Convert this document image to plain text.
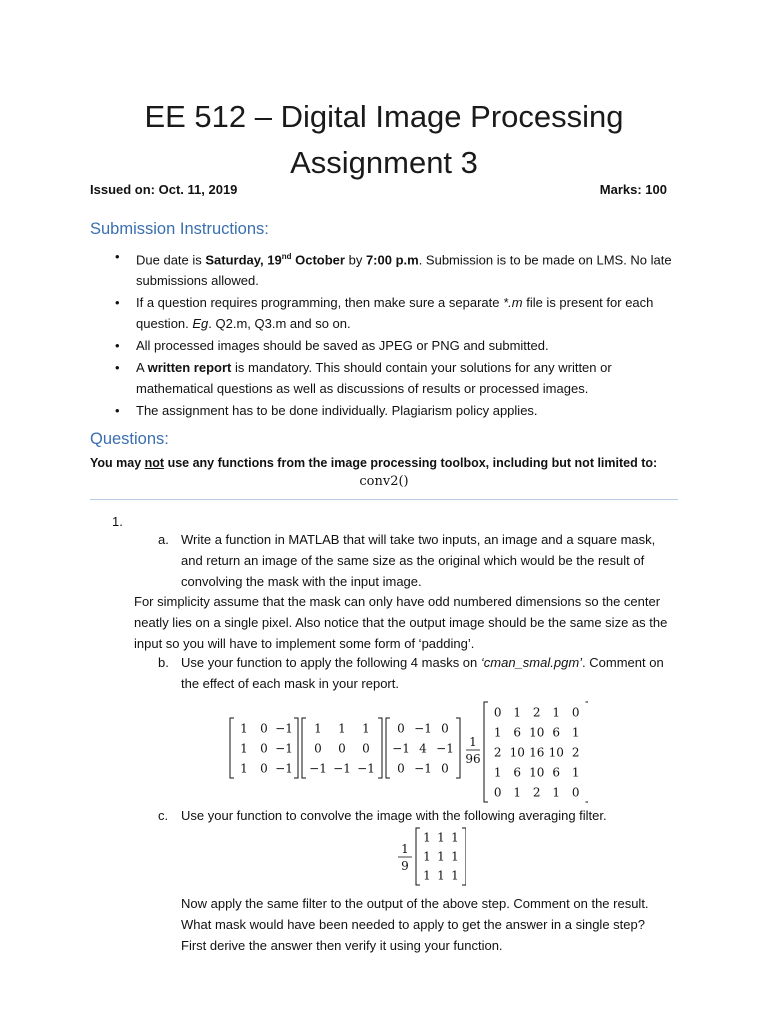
EE 512 – Digital Image Processing
Assignment 3
Issued on: Oct. 11, 2019	Marks: 100
Submission Instructions:
• Due date is Saturday, 19nd October by 7:00 p.m. Submission is to be made on LMS. No late submissions allowed.
• If a question requires programming, then make sure a separate *.m file is present for each question. Eg. Q2.m, Q3.m and so on.
• All processed images should be saved as JPEG or PNG and submitted.
• A written report is mandatory. This should contain your solutions for any written or mathematical questions as well as discussions of results or processed images.
• The assignment has to be done individually. Plagiarism policy applies.
Questions:
You may not use any functions from the image processing toolbox, including but not limited to:
conv2()
1.
a. Write a function in MATLAB that will take two inputs, an image and a square mask, and return an image of the same size as the original which would be the result of convolving the mask with the input image.
For simplicity assume that the mask can only have odd numbered dimensions so the center neatly lies on a single pixel. Also notice that the output image should be the same size as the input so you will have to implement some form of ‘padding’.
b. Use your function to apply the following 4 masks on ‘cman_smal.pgm’. Comment on the effect of each mask in your report.
1 0 −1
1 0 −1
1 0 −1
1 1 1
0 0 0
−1 −1 −1
0 −1 0
−1 4 −1
0 −1 0
1
96
0 1 2 1 0
1 6 10 6 1
2 10 16 10 2
1 6 10 6 1
0 1 2 1 0
c. Use your function to convolve the image with the following averaging filter.
1
9
1 1 1
1 1 1
1 1 1
Now apply the same filter to the output of the above step. Comment on the result. What mask would have been needed to apply to get the answer in a single step? First derive the answer then verify it using your function.
